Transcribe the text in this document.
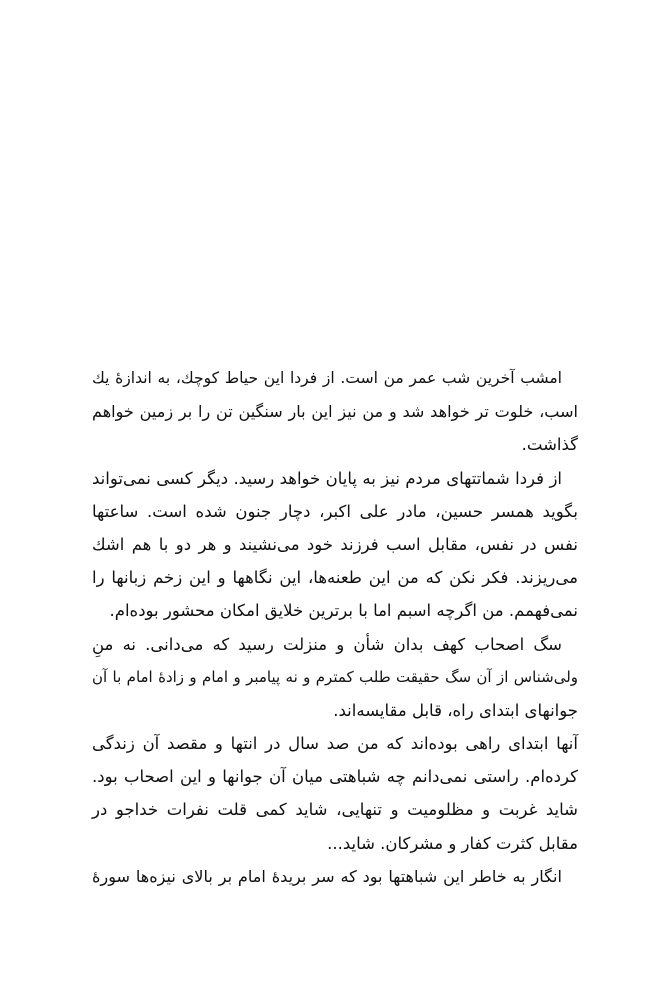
امشب آخرین شب عمر من است. از فردا این حیاط کوچك، به اندازهٔ یك
اسب، خلوت تر خواهد شد و من نیز این بار سنگین تن را بر زمین خواهم
گذاشت.
از فردا شماتتهای مردم نیز به پایان خواهد رسید. دیگر کسی نمی‌تواند
بگوید همسر حسین، مادر علی اکبر، دچار جنون شده است. ساعتها
نفس در نفس، مقابل اسب فرزند خود می‌نشیند و هر دو با هم اشك
می‌ریزند. فکر نکن که من این طعنه‌ها، این نگاهها و این زخم زبانها را
نمی‌فهمم. من اگرچه اسبم اما با برترین خلایق امکان محشور بوده‌ام.
سگ اصحاب کهف بدان شأن و منزلت رسید که می‌دانی. نه منِ
ولی‌شناس از آن سگ حقیقت طلب کمترم و نه پیامبر و امام و زادهٔ امام با آن
جوانهای ابتدای راه، قابل مقایسه‌اند.
آنها ابتدای راهی بوده‌اند که من صد سال در انتها و مقصد آن زندگی
کرده‌ام. راستی نمی‌دانم چه شباهتی میان آن جوانها و این اصحاب بود.
شاید غربت و مظلومیت و تنهایی، شاید کمی قلت نفرات خداجو در
مقابل کثرت کفار و مشرکان. شاید...
انگار به خاطر این شباهتها بود که سر بریدهٔ امام بر بالای نیزه‌ها سورهٔ
